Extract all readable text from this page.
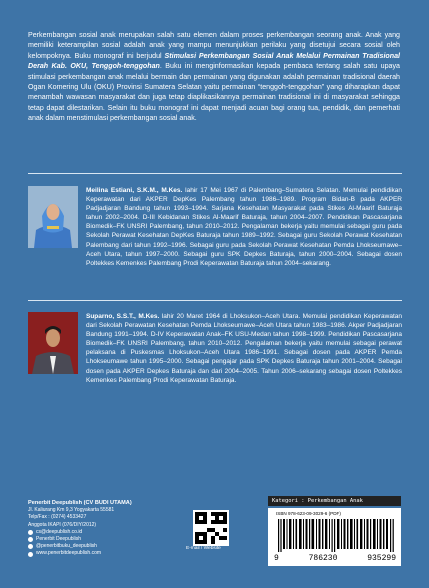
Perkembangan sosial anak merupakan salah satu elemen dalam proses perkembangan seorang anak. Anak yang memiliki keterampilan sosial adalah anak yang mampu menunjukkan perilaku yang disetujui secara sosial oleh kelompoknya. Buku monograf ini berjudul Stimulasi Perkembangan Sosial Anak Melalui Permainan Tradisional Derah Kab. OKU, Tenggoh-tenggohan. Buku ini menginformasikan kepada pembaca tentang salah satu upaya stimulasi perkembangan anak melalui bermain dan permainan yang digunakan adalah permainan tradisional daerah Ogan Komering Ulu (OKU) Provinsi Sumatera Selatan yaitu permainan “tenggoh-tenggohan” yang diharapkan dapat menambah wawasan masyarakat dan juga tetap diaplikasikannya permainan tradisional ini di masyarakat sehingga tetap dapat dilestarikan. Selain itu buku monograf ini dapat menjadi acuan bagi orang tua, pendidik, dan pemerhati anak dalam menstimulasi perkembangan sosial anak.
Meilina Estiani, S.K.M., M.Kes. lahir 17 Mei 1967 di Palembang–Sumatera Selatan. Memulai pendidikan Keperawatan dari AKPER DepKes Palembang tahun 1986–1989. Program Bidan-B pada AKPER Padjadjaran Bandung tahun 1993–1994. Sarjana Kesehatan Masyarakat pada Stikes Al-Maarif Baturaja tahun 2002–2004. D-III Kebidanan Stikes Al-Maarif Baturaja, tahun 2004–2007. Pendidikan Pascasarjana Biomedik–FK UNSRI Palembang, tahun 2010–2012. Pengalaman bekerja yaitu memulai sebagai guru pada Sekolah Perawat Kesehatan DepKes Baturaja tahun 1989–1992. Sebagai guru Sekolah Perawat Kesehatan Palembang dari tahun 1992–1996. Sebagai guru pada Sekolah Perawat Kesehatan Pemda Lhokseumawe–Aceh Utara, tahun 1997–2000. Sebagai guru SPK Depkes Baturaja, tahun 2000–2004. Sebagai dosen Poltekkes Kemenkes Palembang Prodi Keperawatan Baturaja tahun 2004–sekarang.
Suparno, S.S.T., M.Kes. lahir 20 Maret 1964 di Lhoksukon–Aceh Utara. Memulai pendidikan Keperawatan dari Sekolah Perawatan Kesehatan Pemda Lhokseumawe–Aceh Utara tahun 1983–1986. Akper Padjadjaran Bandung 1991–1994. D-IV Keperawatan Anak–FK USU-Medan tahun 1998–1999. Pendidikan Pascasarjana Biomedik–FK UNSRI Palembang, tahun 2010–2012. Pengalaman bekerja yaitu memulai sebagai perawat pelaksana di Puskesmas Lhoksukon–Aceh Utara 1986–1991. Sebagai dosen pada AKPER Pemda Lhokseumawe tahun 1995–2000. Sebagai pengajar pada SPK Depkes Baturaja tahun 2001–2004. Sebagai dosen pada AKPER Depkes Baturaja dan dari 2004–2005. Tahun 2006–sekarang sebagai dosen Poltekkes Kemenkes Palembang Prodi Keperawatan Baturaja.
Penerbit Deepublish (CV BUDI UTAMA)
Jl. Kaliurang Km 9,3 Yogyakarta 55581
Telp/Fax : (0274) 4533427
Anggota IKAPI (076/DIY/2012)
cs@deepublish.co.id
Penerbit Deepublish
@penerbitbuku_deepublish
www.penerbitdeepublish.com
E-mail / Website
Kategori : Perkembangan Anak
ISBN 978-623-09-3029-6 (PDF)
9	786230	935299
